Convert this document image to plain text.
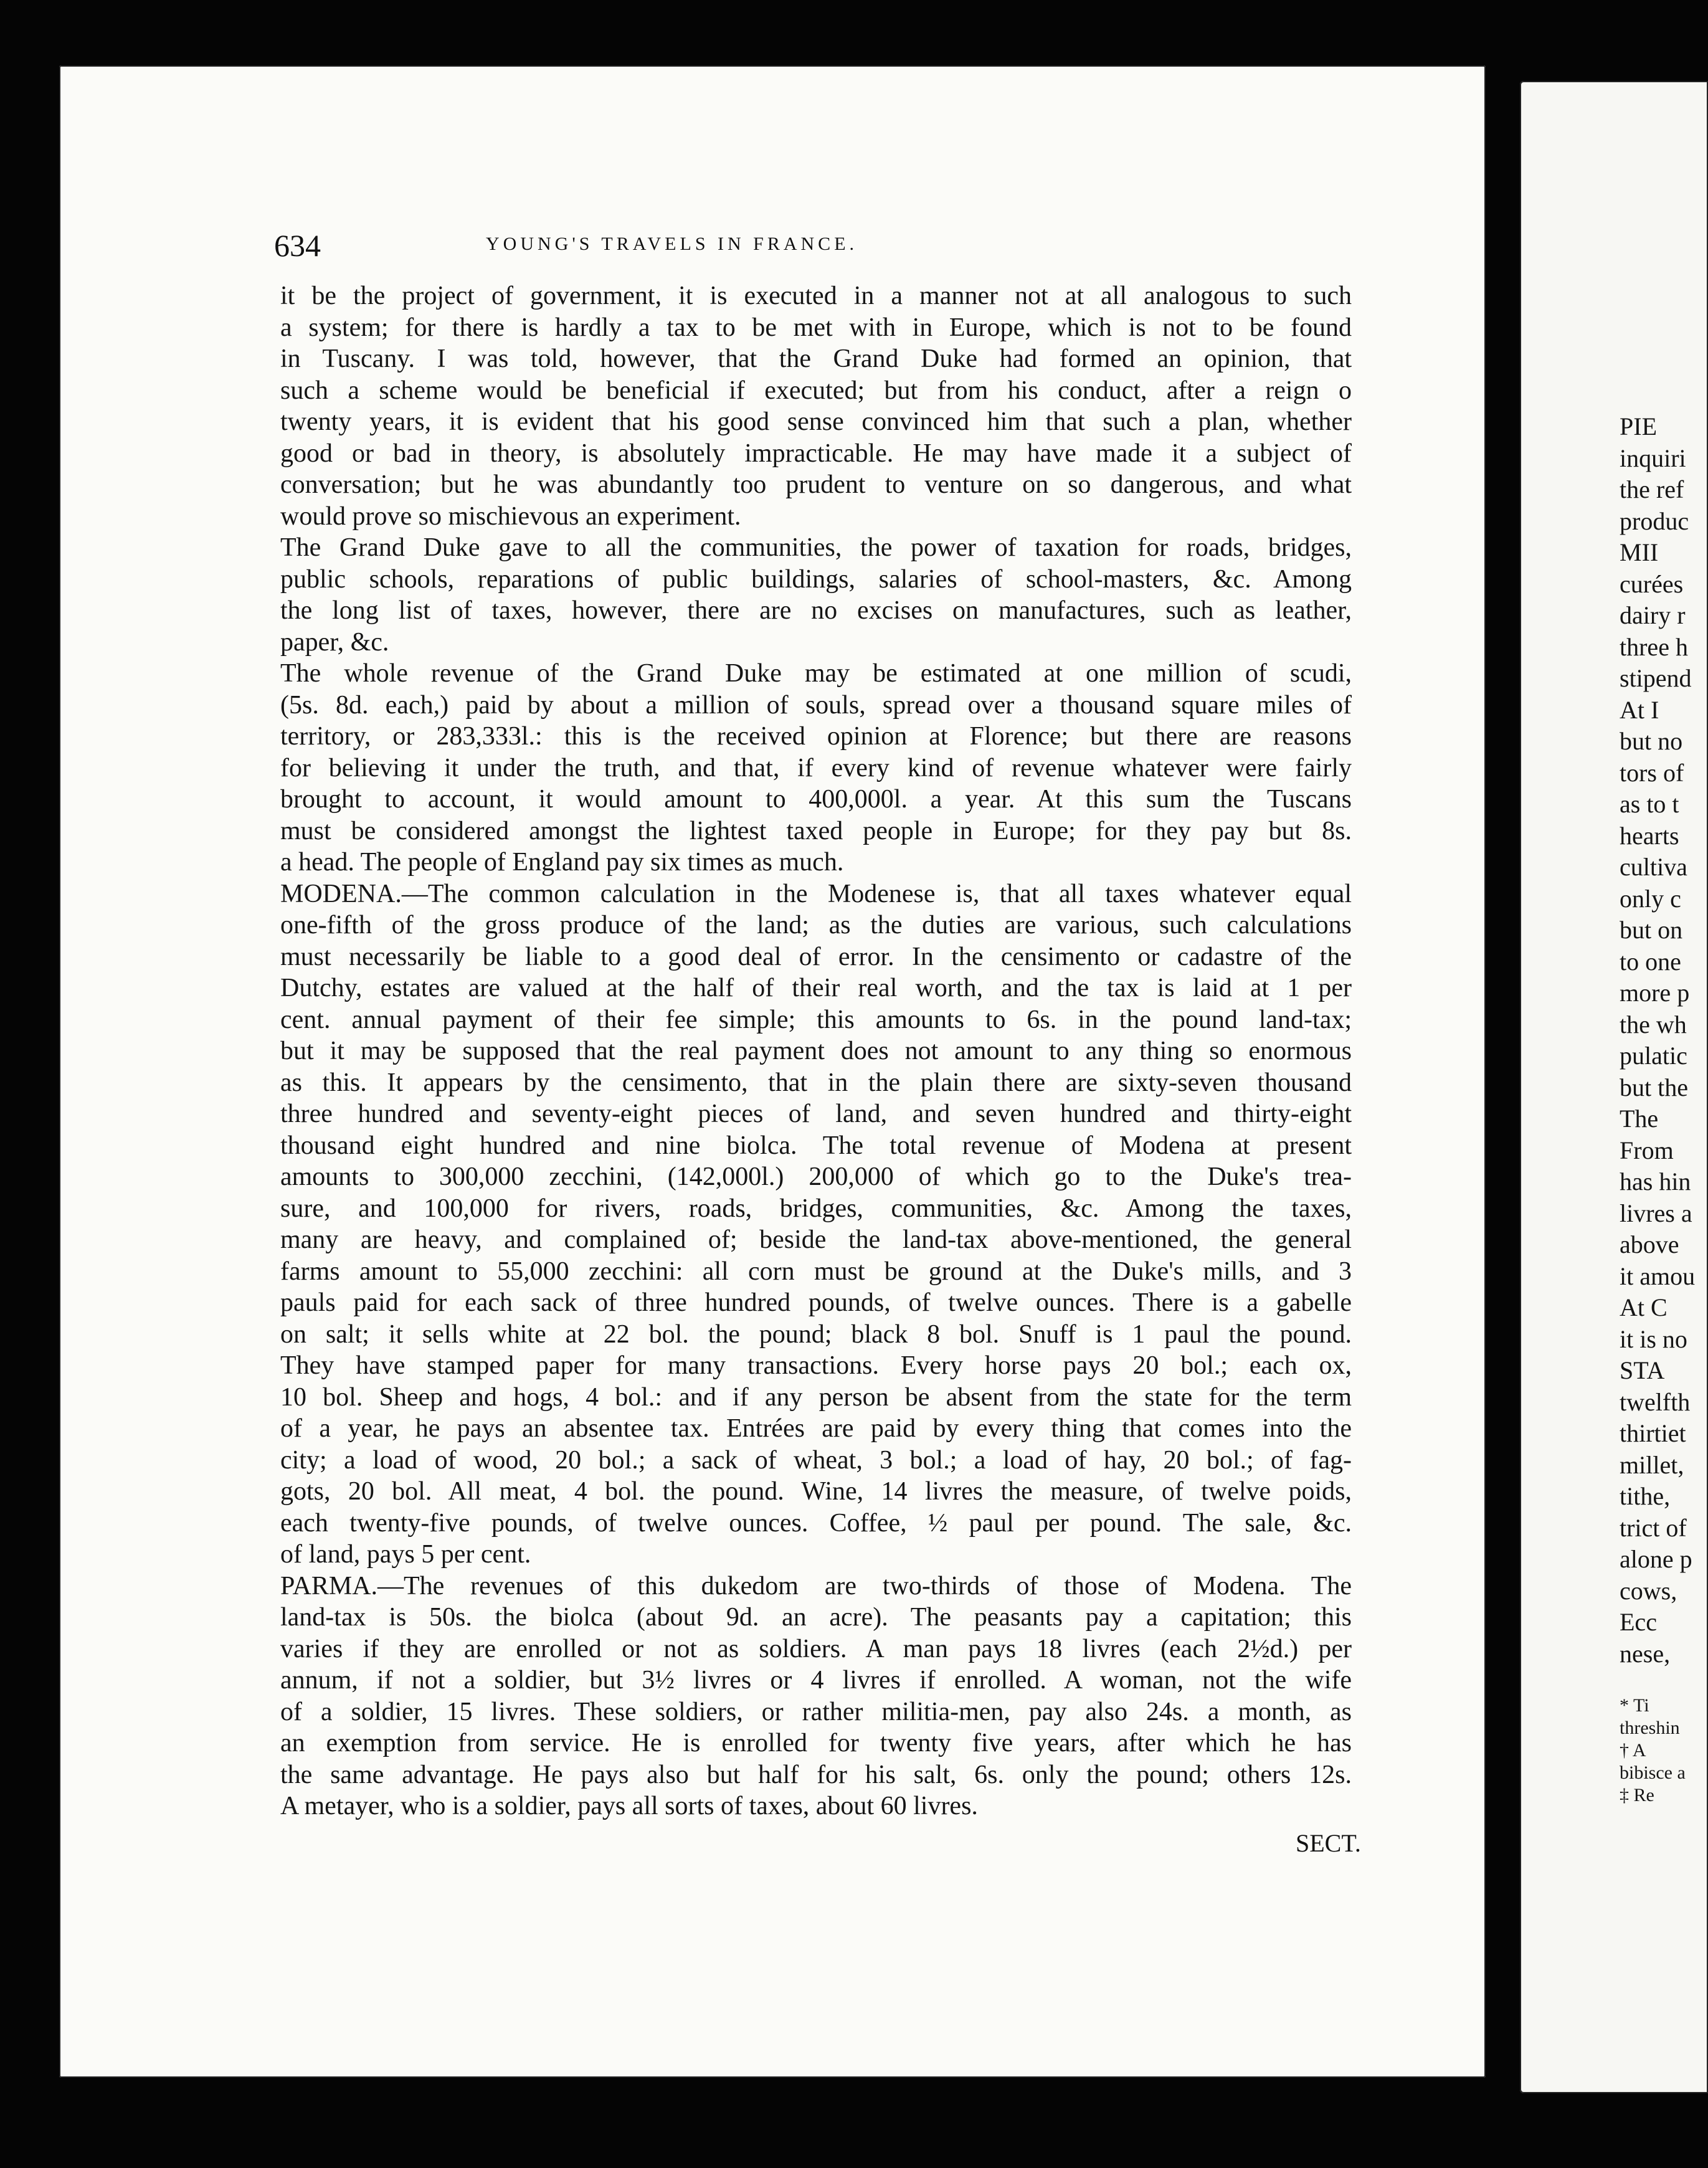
634	YOUNG'S TRAVELS IN FRANCE.
it be the project of government, it is executed in a manner not at all analogous to such
a system; for there is hardly a tax to be met with in Europe, which is not to be found
in Tuscany. I was told, however, that the Grand Duke had formed an opinion, that
such a scheme would be beneficial if executed; but from his conduct, after a reign o
twenty years, it is evident that his good sense convinced him that such a plan, whether
good or bad in theory, is absolutely impracticable. He may have made it a subject of
conversation; but he was abundantly too prudent to venture on so dangerous, and what
would prove so mischievous an experiment.
The Grand Duke gave to all the communities, the power of taxation for roads, bridges,
public schools, reparations of public buildings, salaries of school-masters, &c. Among
the long list of taxes, however, there are no excises on manufactures, such as leather,
paper, &c.
The whole revenue of the Grand Duke may be estimated at one million of scudi,
(5s. 8d. each,) paid by about a million of souls, spread over a thousand square miles of
territory, or 283,333l.: this is the received opinion at Florence; but there are reasons
for believing it under the truth, and that, if every kind of revenue whatever were fairly
brought to account, it would amount to 400,000l. a year. At this sum the Tuscans
must be considered amongst the lightest taxed people in Europe; for they pay but 8s.
a head. The people of England pay six times as much.
MODENA.—The common calculation in the Modenese is, that all taxes whatever equal
one-fifth of the gross produce of the land; as the duties are various, such calculations
must necessarily be liable to a good deal of error. In the censimento or cadastre of the
Dutchy, estates are valued at the half of their real worth, and the tax is laid at 1 per
cent. annual payment of their fee simple; this amounts to 6s. in the pound land-tax;
but it may be supposed that the real payment does not amount to any thing so enormous
as this. It appears by the censimento, that in the plain there are sixty-seven thousand
three hundred and seventy-eight pieces of land, and seven hundred and thirty-eight
thousand eight hundred and nine biolca. The total revenue of Modena at present
amounts to 300,000 zecchini, (142,000l.) 200,000 of which go to the Duke's trea-
sure, and 100,000 for rivers, roads, bridges, communities, &c. Among the taxes,
many are heavy, and complained of; beside the land-tax above-mentioned, the general
farms amount to 55,000 zecchini: all corn must be ground at the Duke's mills, and 3
pauls paid for each sack of three hundred pounds, of twelve ounces. There is a gabelle
on salt; it sells white at 22 bol. the pound; black 8 bol. Snuff is 1 paul the pound.
They have stamped paper for many transactions. Every horse pays 20 bol.; each ox,
10 bol. Sheep and hogs, 4 bol.: and if any person be absent from the state for the term
of a year, he pays an absentee tax. Entrées are paid by every thing that comes into the
city; a load of wood, 20 bol.; a sack of wheat, 3 bol.; a load of hay, 20 bol.; of fag-
gots, 20 bol. All meat, 4 bol. the pound. Wine, 14 livres the measure, of twelve poids,
each twenty-five pounds, of twelve ounces. Coffee, ½ paul per pound. The sale, &c.
of land, pays 5 per cent.
PARMA.—The revenues of this dukedom are two-thirds of those of Modena. The
land-tax is 50s. the biolca (about 9d. an acre). The peasants pay a capitation; this
varies if they are enrolled or not as soldiers. A man pays 18 livres (each 2½d.) per
annum, if not a soldier, but 3½ livres or 4 livres if enrolled. A woman, not the wife
of a soldier, 15 livres. These soldiers, or rather militia-men, pay also 24s. a month, as
an exemption from service. He is enrolled for twenty five years, after which he has
the same advantage. He pays also but half for his salt, 6s. only the pound; others 12s.
A metayer, who is a soldier, pays all sorts of taxes, about 60 livres.
SECT.
PIE
inquiri
the ref
produc
MII
curées
dairy r
three h
stipend
At I
but no
tors of
as to t
hearts
cultiva
only c
but on
to one
more p
the wh
pulatic
but the
The
From
has hin
livres a
above
it amou
At C
it is no
STA
twelfth
thirtiet
millet,
tithe,
trict of
alone p
cows,
Ecc
nese,
* Ti
threshin
† A
bibisce a
‡ Re
